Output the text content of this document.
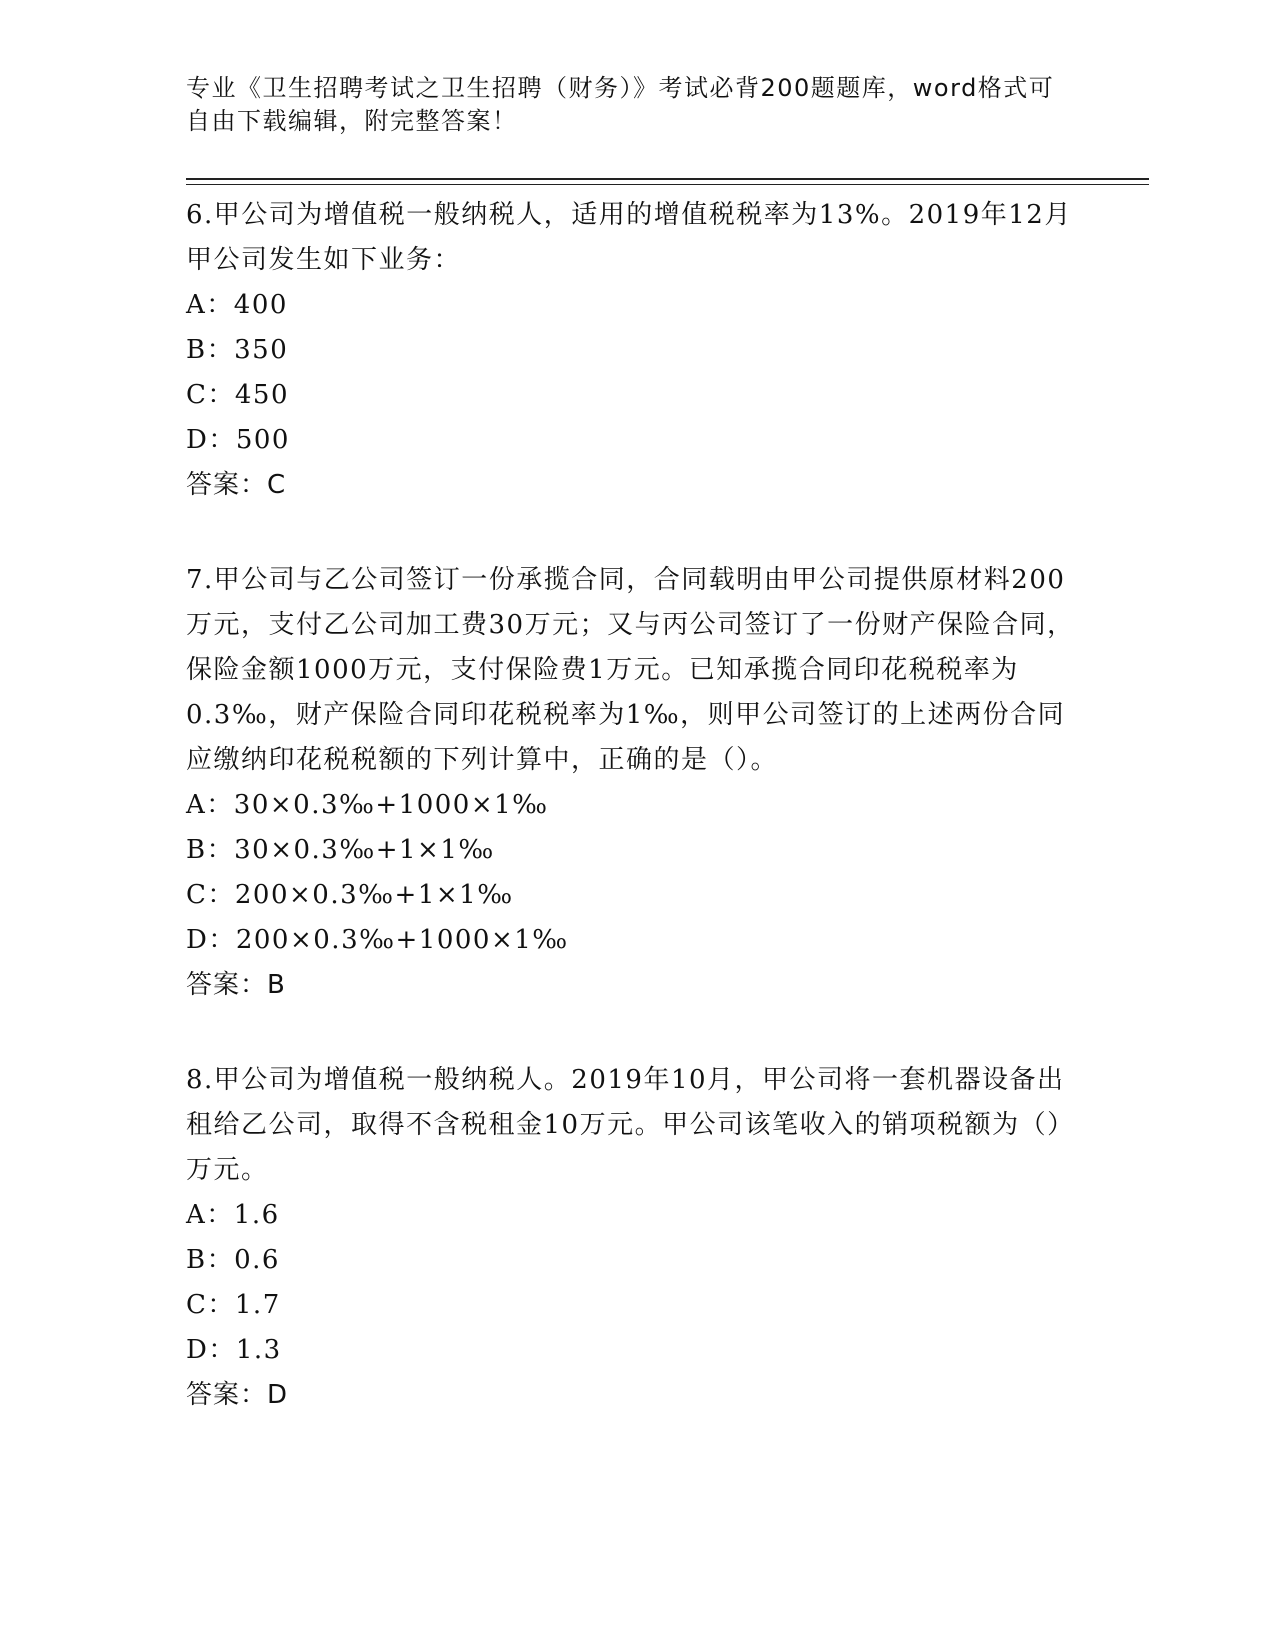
专业《卫生招聘考试之卫生招聘（财务）》考试必背200题题库，word格式可自由下载编辑，附完整答案！

6.甲公司为增值税一般纳税人，适用的增值税税率为13%。2019年12月甲公司发生如下业务：

A：400

B：350

C：450

D：500

答案：C

7.甲公司与乙公司签订一份承揽合同，合同载明由甲公司提供原材料200万元，支付乙公司加工费30万元；又与丙公司签订了一份财产保险合同，保险金额1000万元，支付保险费1万元。已知承揽合同印花税税率为0.3‰，财产保险合同印花税税率为1‰，则甲公司签订的上述两份合同应缴纳印花税税额的下列计算中，正确的是（）。

A：30×0.3‰+1000×1‰

B：30×0.3‰+1×1‰

C：200×0.3‰+1×1‰

D：200×0.3‰+1000×1‰

答案：B

8.甲公司为增值税一般纳税人。2019年10月，甲公司将一套机器设备出租给乙公司，取得不含税租金10万元。甲公司该笔收入的销项税额为（）万元。

A：1.6

B：0.6

C：1.7

D：1.3

答案：D
